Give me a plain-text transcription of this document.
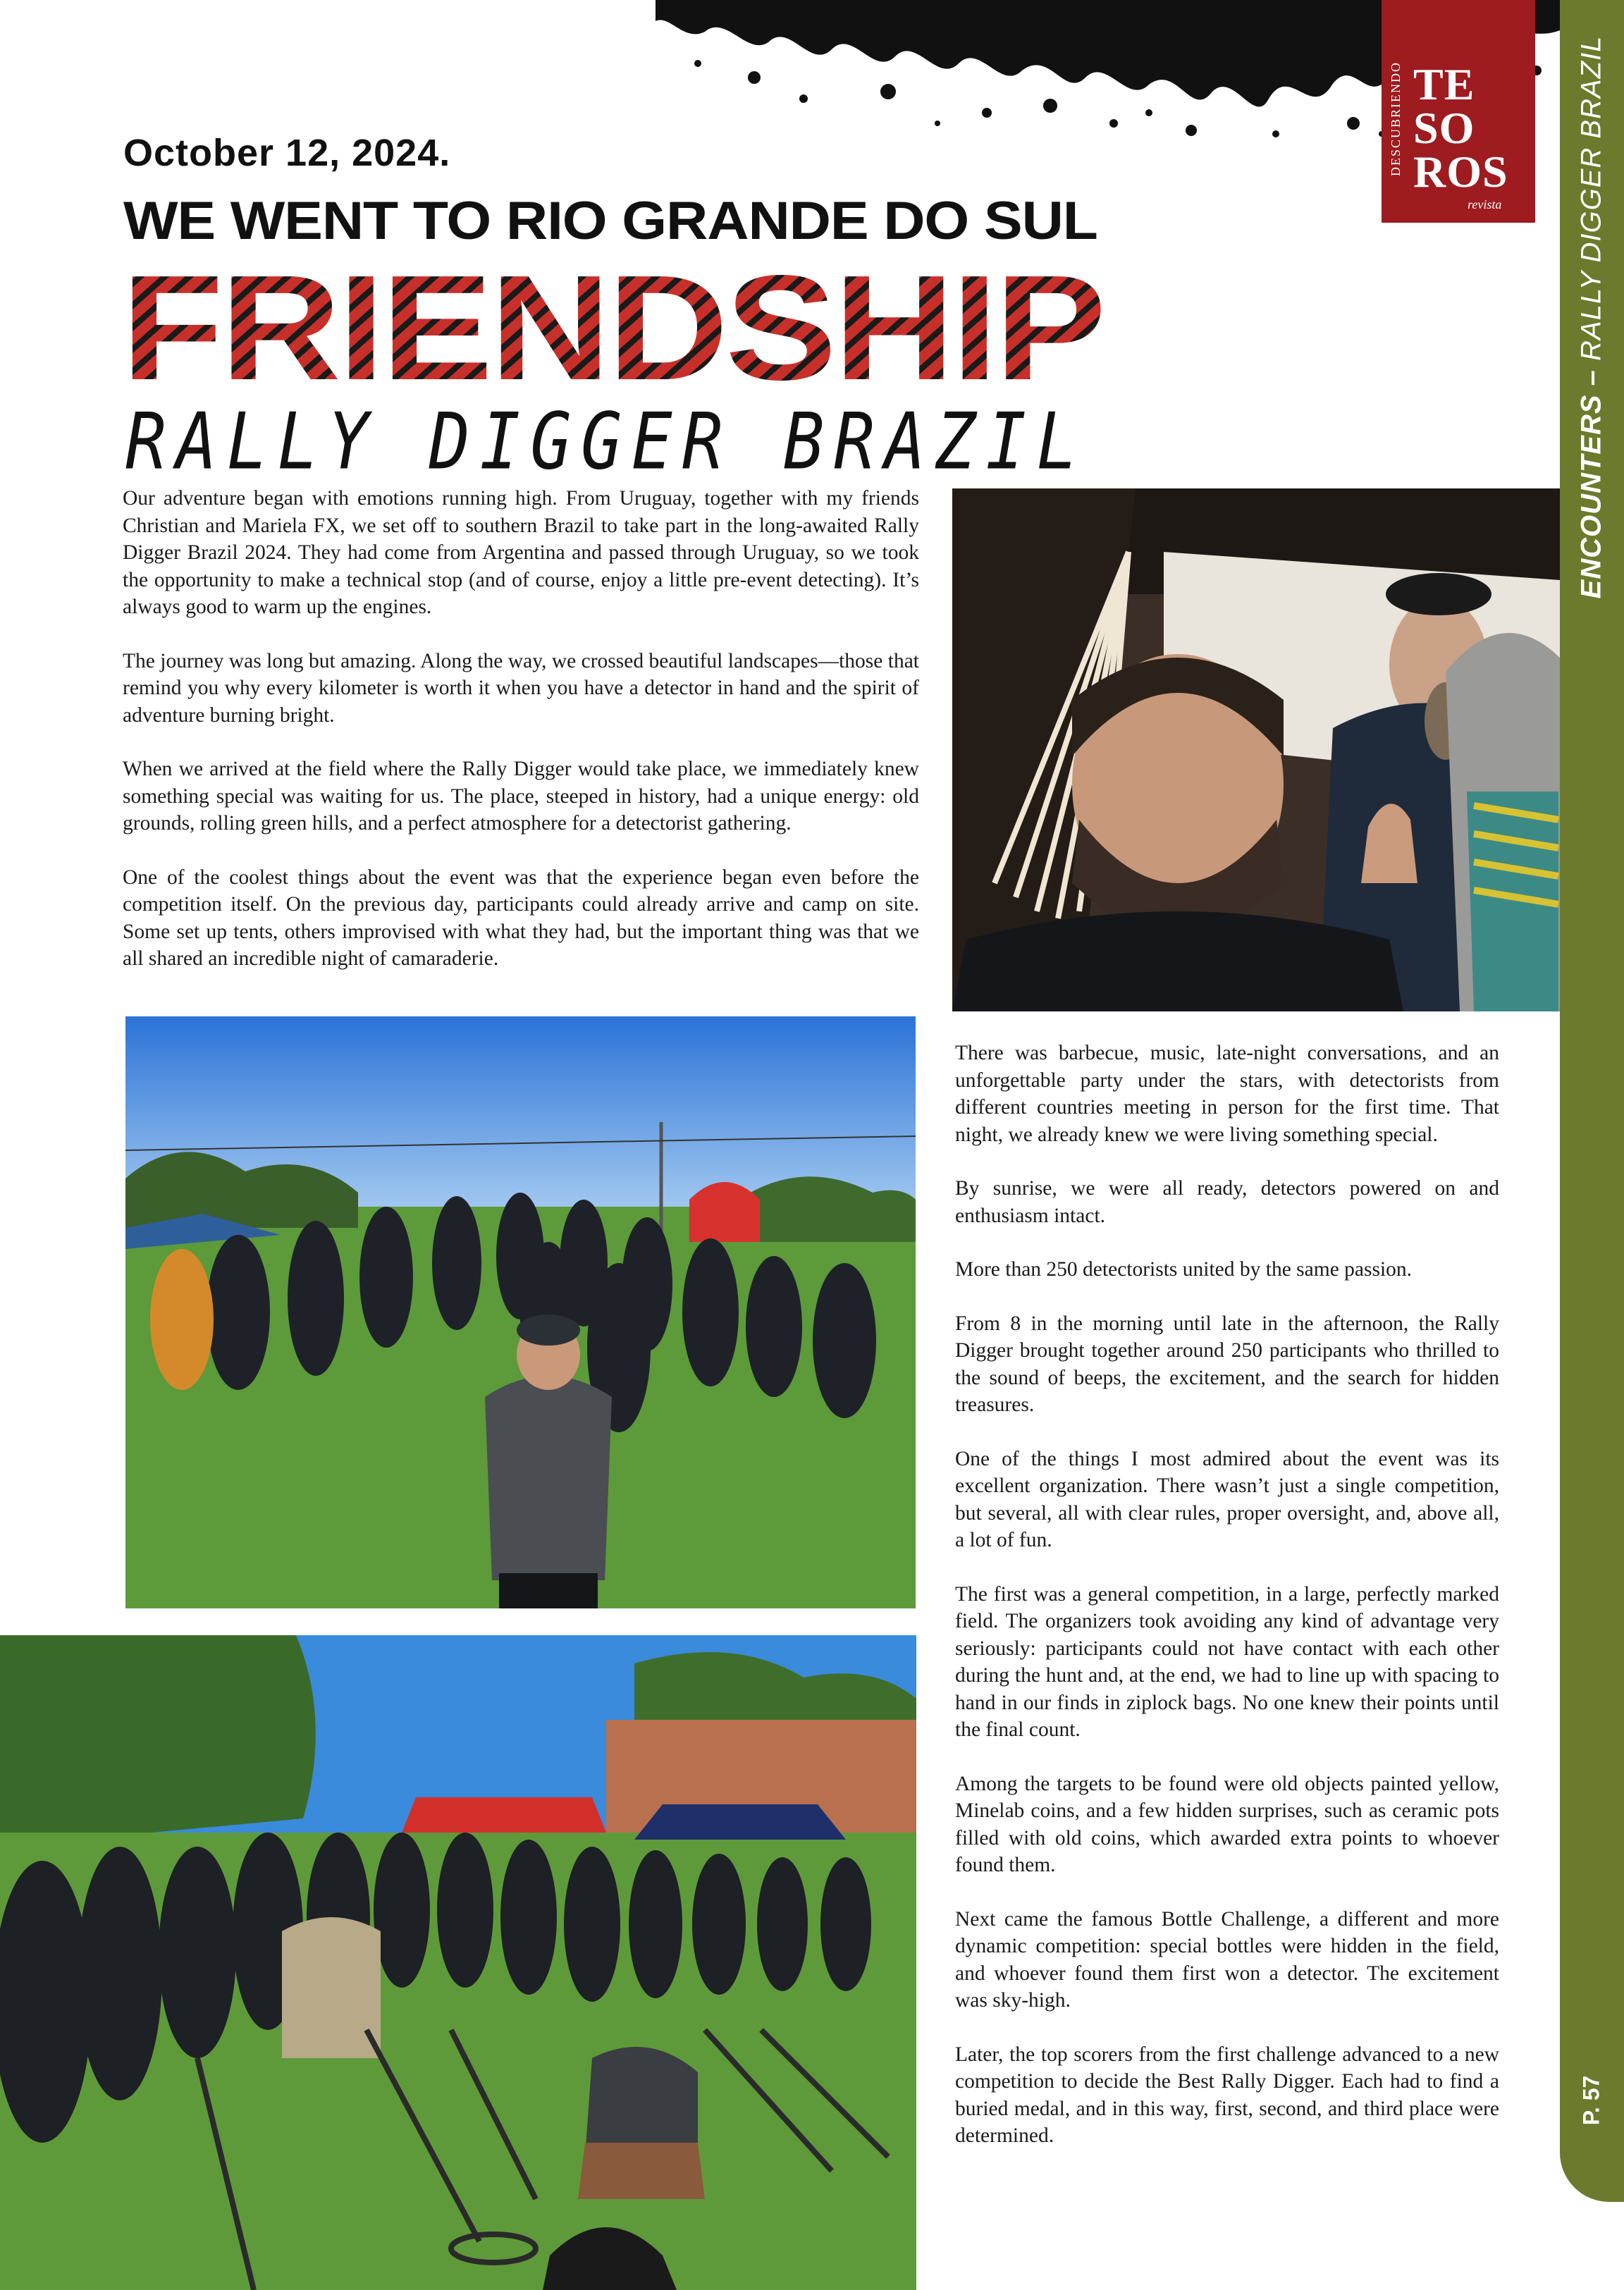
DESCUBRIENDO TE
SO
ROS
revista
ENCOUNTERS – RALLY DIGGER BRAZIL
P. 57
October 12, 2024.
WE WENT TO RIO GRANDE DO SUL
FRIENDSHIP
RALLY DIGGER BRAZIL

Our adventure began with emotions running high. From Uruguay, together with my friends Christian and Mariela FX, we set off to southern Brazil to take part in the long-awaited Rally Digger Brazil 2024. They had come from Argentina and passed through Uruguay, so we took the opportunity to make a technical stop (and of course, enjoy a little pre-event detecting). It’s always good to warm up the engines.

The journey was long but amazing. Along the way, we crossed beautiful landscapes—those that remind you why every kilometer is worth it when you have a detector in hand and the spirit of adventure burning bright.

When we arrived at the field where the Rally Digger would take place, we immediately knew something special was waiting for us. The place, steeped in history, had a unique energy: old grounds, rolling green hills, and a perfect atmosphere for a detectorist gathering.

One of the coolest things about the event was that the experience began even before the competition itself. On the previous day, participants could already arrive and camp on site. Some set up tents, others improvised with what they had, but the important thing was that we all shared an incredible night of camaraderie.

There was barbecue, music, late-night conversations, and an unforgettable party under the stars, with detectorists from different countries meeting in person for the first time. That night, we already knew we were living something special.

By sunrise, we were all ready, detectors powered on and enthusiasm intact.

More than 250 detectorists united by the same passion.

From 8 in the morning until late in the afternoon, the Rally Digger brought together around 250 participants who thrilled to the sound of beeps, the excitement, and the search for hidden treasures.

One of the things I most admired about the event was its excellent organization. There wasn’t just a single competition, but several, all with clear rules, proper oversight, and, above all, a lot of fun.

The first was a general competition, in a large, perfectly marked field. The organizers took avoiding any kind of advantage very seriously: participants could not have contact with each other during the hunt and, at the end, we had to line up with spacing to hand in our finds in ziplock bags. No one knew their points until the final count.

Among the targets to be found were old objects painted yellow, Minelab coins, and a few hidden surprises, such as ceramic pots filled with old coins, which awarded extra points to whoever found them.

Next came the famous Bottle Challenge, a different and more dynamic competition: special bottles were hidden in the field, and whoever found them first won a detector. The excitement was sky-high.

Later, the top scorers from the first challenge advanced to a new competition to decide the Best Rally Digger. Each had to find a buried medal, and in this way, first, second, and third place were determined.
